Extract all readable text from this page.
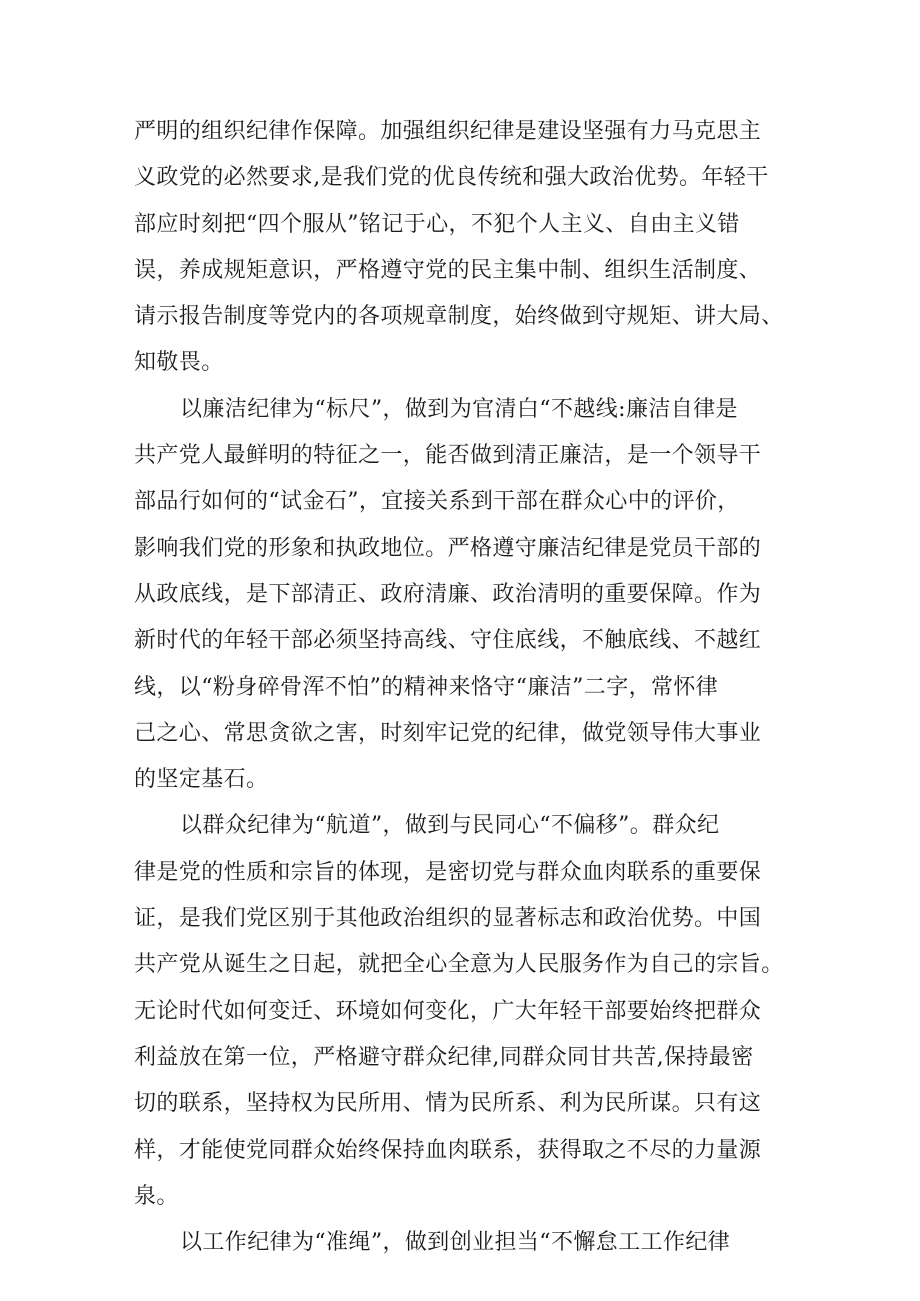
严明的组织纪律作保障。加强组织纪律是建设坚强有力马克思主
义政党的必然要求,是我们党的优良传统和强大政治优势。年轻干
部应时刻把“四个服从”铭记于心，不犯个人主义、自由主义错
误，养成规矩意识，严格遵守党的民主集中制、组织生活制度、
请示报告制度等党内的各项规章制度，始终做到守规矩、讲大局、
知敬畏。
以廉洁纪律为“标尺”，做到为官清白“不越线:廉洁自律是
共产党人最鲜明的特征之一，能否做到清正廉洁，是一个领导干
部品行如何的“试金石”，宜接关系到干部在群众心中的评价，
影响我们党的形象和执政地位。严格遵守廉洁纪律是党员干部的
从政底线，是下部清正、政府清廉、政治清明的重要保障。作为
新时代的年轻干部必须坚持高线、守住底线，不触底线、不越红
线，以“粉身碎骨浑不怕”的精神来恪守“廉洁”二字，常怀律
己之心、常思贪欲之害，时刻牢记党的纪律，做党领导伟大事业
的坚定基石。
以群众纪律为“航道”，做到与民同心“不偏移”。群众纪
律是党的性质和宗旨的体现，是密切党与群众血肉联系的重要保
证，是我们党区别于其他政治组织的显著标志和政治优势。中国
共产党从诞生之日起，就把全心全意为人民服务作为自己的宗旨。
无论时代如何变迁、环境如何变化，广大年轻干部要始终把群众
利益放在第一位，严格避守群众纪律,同群众同甘共苦,保持最密
切的联系，坚持权为民所用、情为民所系、利为民所谋。只有这
样，才能使党同群众始终保持血肉联系，获得取之不尽的力量源
泉。
以工作纪律为“准绳”，做到创业担当“不懈怠工工作纪律
